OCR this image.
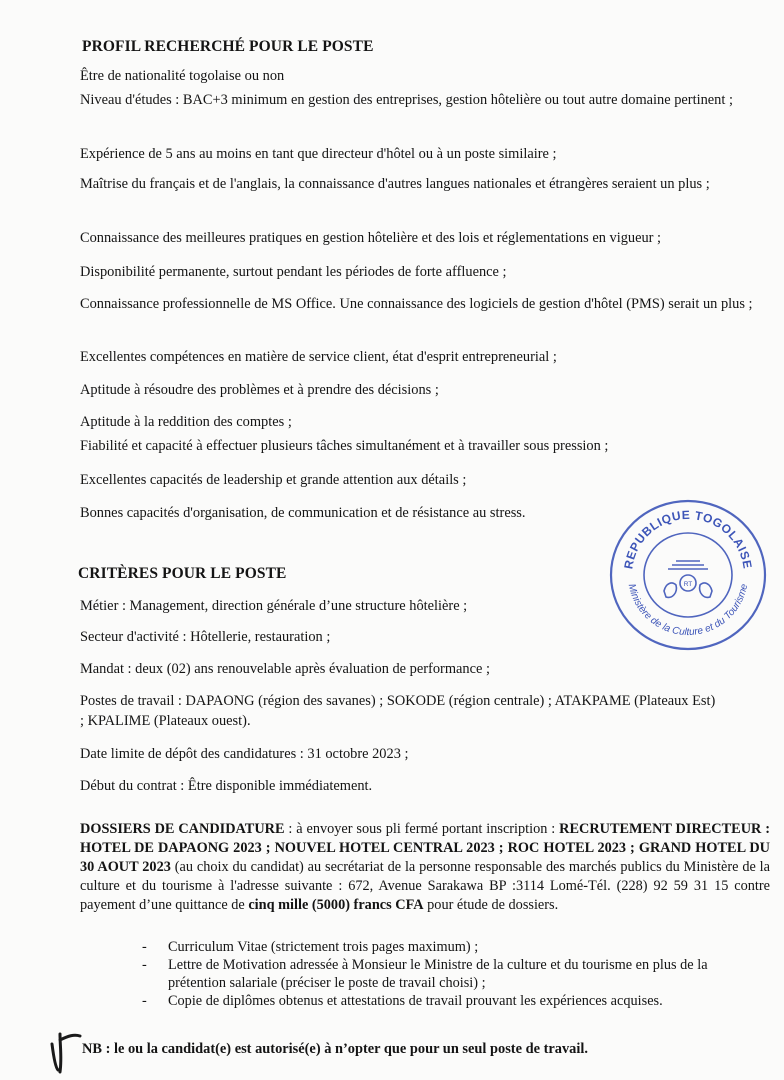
PROFIL RECHERCHÉ POUR LE POSTE
Être de nationalité togolaise ou non
Niveau d'études : BAC+3 minimum en gestion des entreprises, gestion hôtelière ou tout autre domaine pertinent ;
Expérience de 5 ans au moins en tant que directeur d'hôtel ou à un poste similaire ;
Maîtrise du français et de l'anglais, la connaissance d'autres langues nationales et étrangères seraient un plus ;
Connaissance des meilleures pratiques en gestion hôtelière et des lois et réglementations en vigueur ;
Disponibilité permanente, surtout pendant les périodes de forte affluence ;
Connaissance professionnelle de MS Office. Une connaissance des logiciels de gestion d'hôtel (PMS) serait un plus ;
Excellentes compétences en matière de service client, état d'esprit entrepreneurial ;
Aptitude à résoudre des problèmes et à prendre des décisions ;
Aptitude à la reddition des comptes ;
Fiabilité et capacité à effectuer plusieurs tâches simultanément et à travailler sous pression ;
Excellentes capacités de leadership et grande attention aux détails ;
Bonnes capacités d'organisation, de communication et de résistance au stress.
CRITÈRES POUR LE POSTE
Métier : Management, direction générale d’une structure hôtelière ;
Secteur d'activité : Hôtellerie, restauration ;
Mandat : deux (02) ans renouvelable après évaluation de performance ;
Postes de travail : DAPAONG (région des savanes) ; SOKODE (région centrale) ; ATAKPAME (Plateaux Est) ; KPALIME (Plateaux ouest).
Date limite de dépôt des candidatures : 31 octobre 2023 ;
Début du contrat : Être disponible immédiatement.
DOSSIERS DE CANDIDATURE : à envoyer sous pli fermé portant inscription : RECRUTEMENT DIRECTEUR : HOTEL DE DAPAONG 2023 ; NOUVEL HOTEL CENTRAL 2023 ; ROC HOTEL 2023 ; GRAND HOTEL DU 30 AOUT 2023 (au choix du candidat) au secrétariat de la personne responsable des marchés publics du Ministère de la culture et du tourisme à l'adresse suivante : 672, Avenue Sarakawa BP :3114 Lomé-Tél. (228) 92 59 31 15 contre payement d’une quittance de cinq mille (5000) francs CFA pour étude de dossiers.
-	Curriculum Vitae (strictement trois pages maximum) ;
-	Lettre de Motivation adressée à Monsieur le Ministre de la culture et du tourisme en plus de la prétention salariale (préciser le poste de travail choisi) ;
-	Copie de diplômes obtenus et attestations de travail prouvant les expériences acquises.
NB : le ou la candidat(e) est autorisé(e) à n’opter que pour un seul poste de travail.
REPUBLIQUE TOGOLAISE
Ministère de la Culture et du Tourisme
RT
